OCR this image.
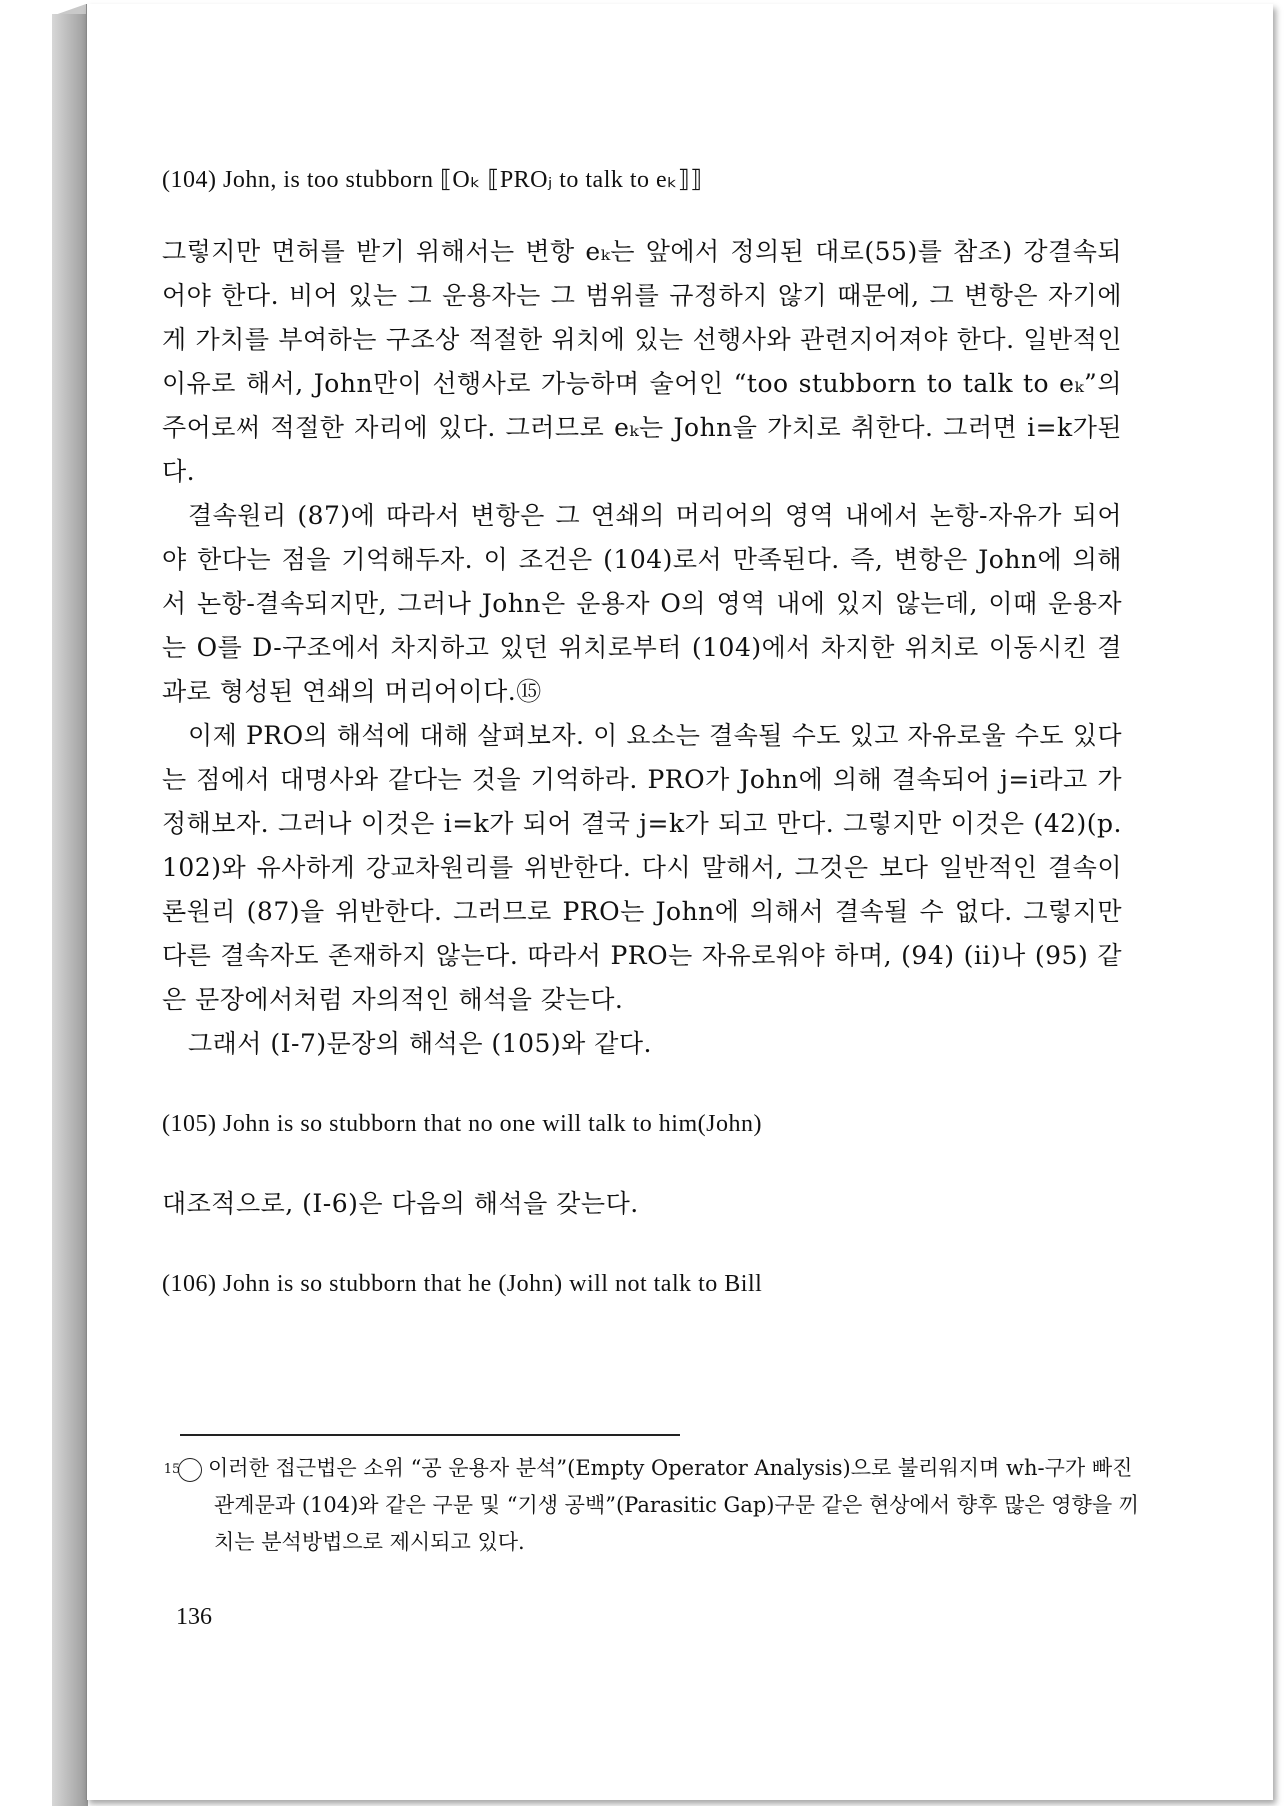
(104) John, is too stubborn ⟦Oₖ ⟦PROⱼ to talk to eₖ⟧⟧

그렇지만 면허를 받기 위해서는 변항 eₖ는 앞에서 정의된 대로(55)를 참조) 강결속되어야 한다. 비어 있는 그 운용자는 그 범위를 규정하지 않기 때문에, 그 변항은 자기에게 가치를 부여하는 구조상 적절한 위치에 있는 선행사와 관련지어져야 한다. 일반적인 이유로 해서, John만이 선행사로 가능하며 술어인 “too stubborn to talk to eₖ”의 주어로써 적절한 자리에 있다. 그러므로 eₖ는 John을 가치로 취한다. 그러면 i=k가된다.

결속원리 (87)에 따라서 변항은 그 연쇄의 머리어의 영역 내에서 논항-자유가 되어야 한다는 점을 기억해두자. 이 조건은 (104)로서 만족된다. 즉, 변항은 John에 의해서 논항-결속되지만, 그러나 John은 운용자 O의 영역 내에 있지 않는데, 이때 운용자는 O를 D-구조에서 차지하고 있던 위치로부터 (104)에서 차지한 위치로 이동시킨 결과로 형성된 연쇄의 머리어이다.⑮

이제 PRO의 해석에 대해 살펴보자. 이 요소는 결속될 수도 있고 자유로울 수도 있다는 점에서 대명사와 같다는 것을 기억하라. PRO가 John에 의해 결속되어 j=i라고 가정해보자. 그러나 이것은 i=k가 되어 결국 j=k가 되고 만다. 그렇지만 이것은 (42)(p. 102)와 유사하게 강교차원리를 위반한다. 다시 말해서, 그것은 보다 일반적인 결속이론원리 (87)을 위반한다. 그러므로 PRO는 John에 의해서 결속될 수 없다. 그렇지만 다른 결속자도 존재하지 않는다. 따라서 PRO는 자유로워야 하며, (94) (ii)나 (95) 같은 문장에서처럼 자의적인 해석을 갖는다.

그래서 (I-7)문장의 해석은 (105)와 같다.

(105) John is so stubborn that no one will talk to him(John)

대조적으로, (I-6)은 다음의 해석을 갖는다.

(106) John is so stubborn that he (John) will not talk to Bill

15 이러한 접근법은 소위 “공 운용자 분석”(Empty Operator Analysis)으로 불리워지며 wh-구가 빠진 관계문과 (104)와 같은 구문 및 “기생 공백”(Parasitic Gap)구문 같은 현상에서 향후 많은 영향을 끼치는 분석방법으로 제시되고 있다.

136
